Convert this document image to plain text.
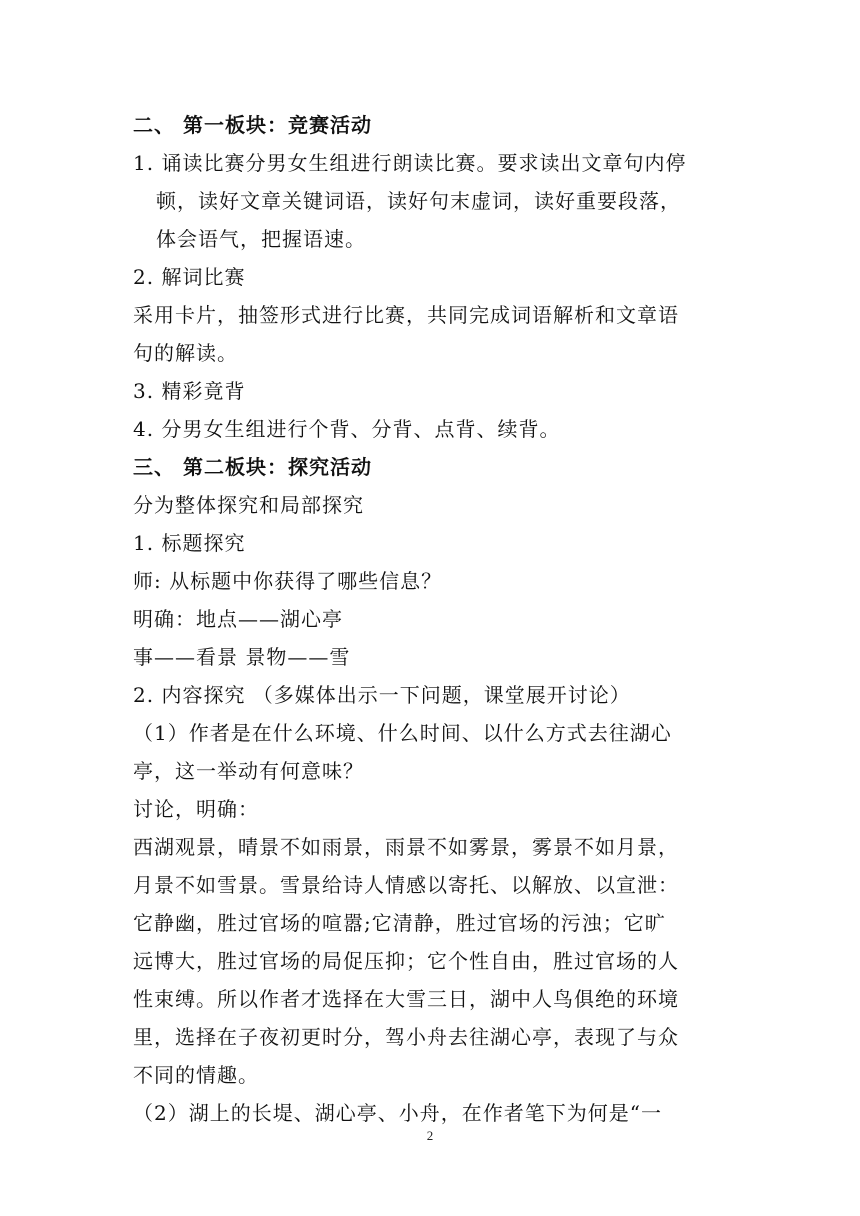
二、 第一板块：竞赛活动
1. 诵读比赛分男女生组进行朗读比赛。要求读出文章句内停
顿，读好文章关键词语，读好句末虚词，读好重要段落，
体会语气，把握语速。
2. 解词比赛
采用卡片，抽签形式进行比赛，共同完成词语解析和文章语
句的解读。
3. 精彩竟背
4. 分男女生组进行个背、分背、点背、续背。
三、 第二板块：探究活动
分为整体探究和局部探究
1. 标题探究
师: 从标题中你获得了哪些信息？
明确：地点——湖心亭
事——看景 景物——雪
2. 内容探究 （多媒体出示一下问题，课堂展开讨论）
（1）作者是在什么环境、什么时间、以什么方式去往湖心
亭，这一举动有何意味？
讨论，明确：
西湖观景，晴景不如雨景，雨景不如雾景，雾景不如月景，
月景不如雪景。雪景给诗人情感以寄托、以解放、以宣泄：
它静幽，胜过官场的喧嚣;它清静，胜过官场的污浊；它旷
远博大，胜过官场的局促压抑；它个性自由，胜过官场的人
性束缚。所以作者才选择在大雪三日，湖中人鸟俱绝的环境
里，选择在子夜初更时分，驾小舟去往湖心亭，表现了与众
不同的情趣。
（2）湖上的长堤、湖心亭、小舟，在作者笔下为何是“一
2
